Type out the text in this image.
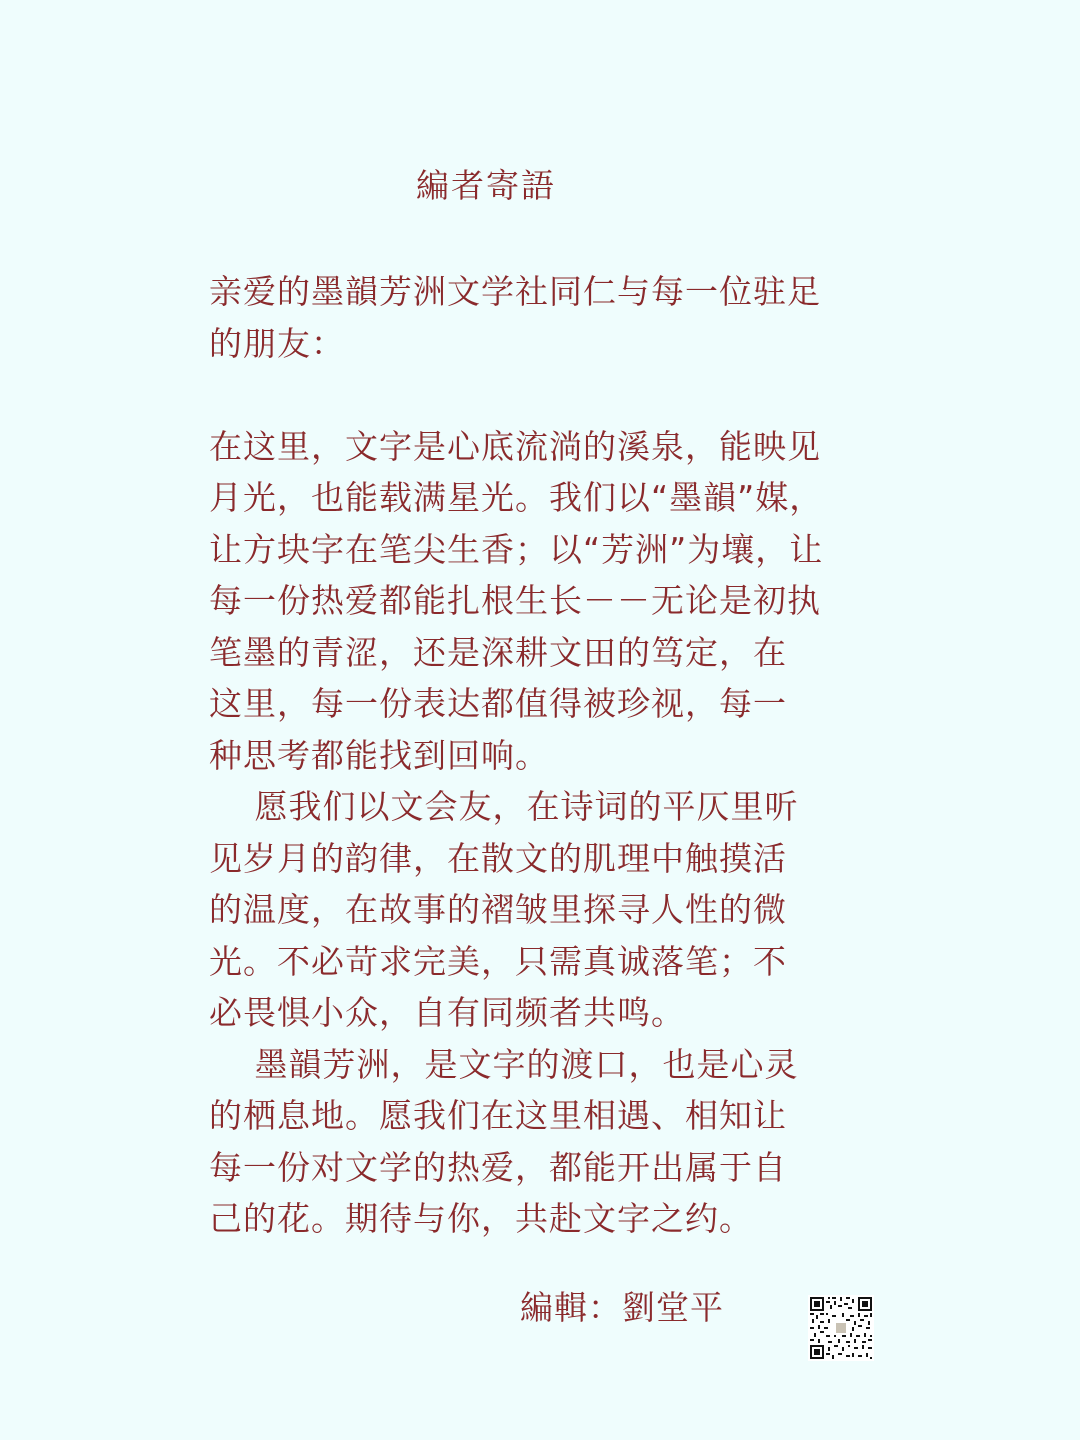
編者寄語
亲爱的墨韻芳洲文学社同仁与每一位驻足
的朋友：
在这里，文字是心底流淌的溪泉，能映见
月光，也能载满星光。我们以“墨韻”媒，
让方块字在笔尖生香；以“芳洲”为壤，让
每一份热爱都能扎根生长－－无论是初执
笔墨的青涩，还是深耕文田的笃定，在
这里，每一份表达都值得被珍视，每一
种思考都能找到回响。
　 愿我们以文会友，在诗词的平仄里听
见岁月的韵律，在散文的肌理中触摸活
的温度，在故事的褶皱里探寻人性的微
光。不必苛求完美，只需真诚落笔；不
必畏惧小众，自有同频者共鸣。
　 墨韻芳洲，是文字的渡口，也是心灵
的栖息地。愿我们在这里相遇、相知让
每一份对文学的热爱，都能开出属于自
己的花。期待与你，共赴文字之约。
編輯：劉堂平
